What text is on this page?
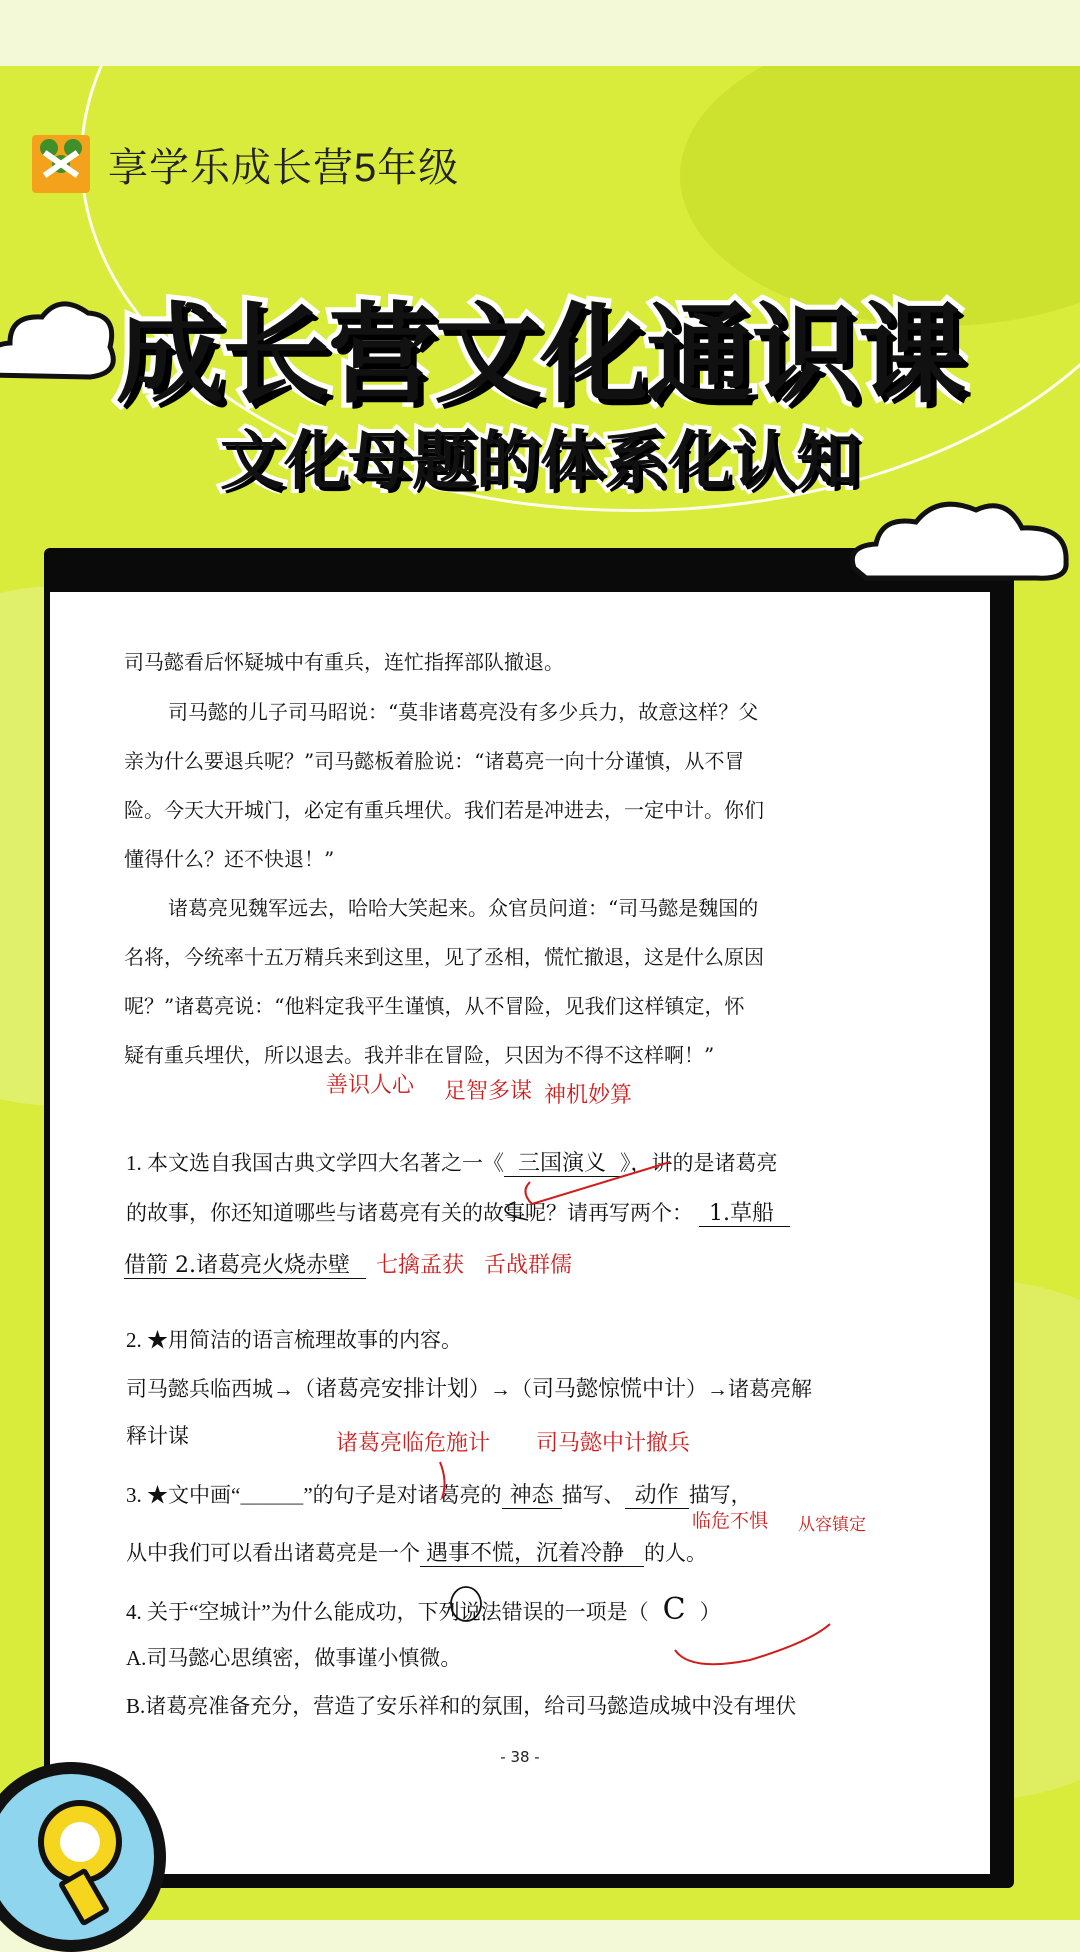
享学乐成长营5年级
成长营文化通识课
文化母题的体系化认知
司马懿看后怀疑城中有重兵，连忙指挥部队撤退。
司马懿的儿子司马昭说：“莫非诸葛亮没有多少兵力，故意这样？父
亲为什么要退兵呢？”司马懿板着脸说：“诸葛亮一向十分谨慎，从不冒
险。今天大开城门，必定有重兵埋伏。我们若是冲进去，一定中计。你们
懂得什么？还不快退！”
诸葛亮见魏军远去，哈哈大笑起来。众官员问道：“司马懿是魏国的
名将，今统率十五万精兵来到这里，见了丞相，慌忙撤退，这是什么原因
呢？”诸葛亮说：“他料定我平生谨慎，从不冒险，见我们这样镇定，怀
疑有重兵埋伏，所以退去。我并非在冒险，只因为不得不这样啊！”
善识人心 足智多谋 神机妙算
1. 本文选自我国古典文学四大名著之一《 三国演义 》，讲的是诸葛亮
的故事，你还知道哪些与诸葛亮有关的故事呢？请再写两个： 1.草船
借箭 2.诸葛亮火烧赤壁 七擒孟获 舌战群儒
2. ★用简洁的语言梳理故事的内容。
司马懿兵临西城→（诸葛亮安排计划）→（司马懿惊慌中计）→诸葛亮解
释计谋	诸葛亮临危施计 司马懿中计撤兵
3. ★文中画“＿＿＿”的句子是对诸葛亮的 神态 描写、 动作 描写，
临危不惧 从容镇定
从中我们可以看出诸葛亮是一个 遇事不慌，沉着冷静 的人。
4. 关于“空城计”为什么能成功，下列说法错误的一项是（ C ）
A.司马懿心思缜密，做事谨小慎微。
B.诸葛亮准备充分，营造了安乐祥和的氛围，给司马懿造成城中没有埋伏
- 38 -
